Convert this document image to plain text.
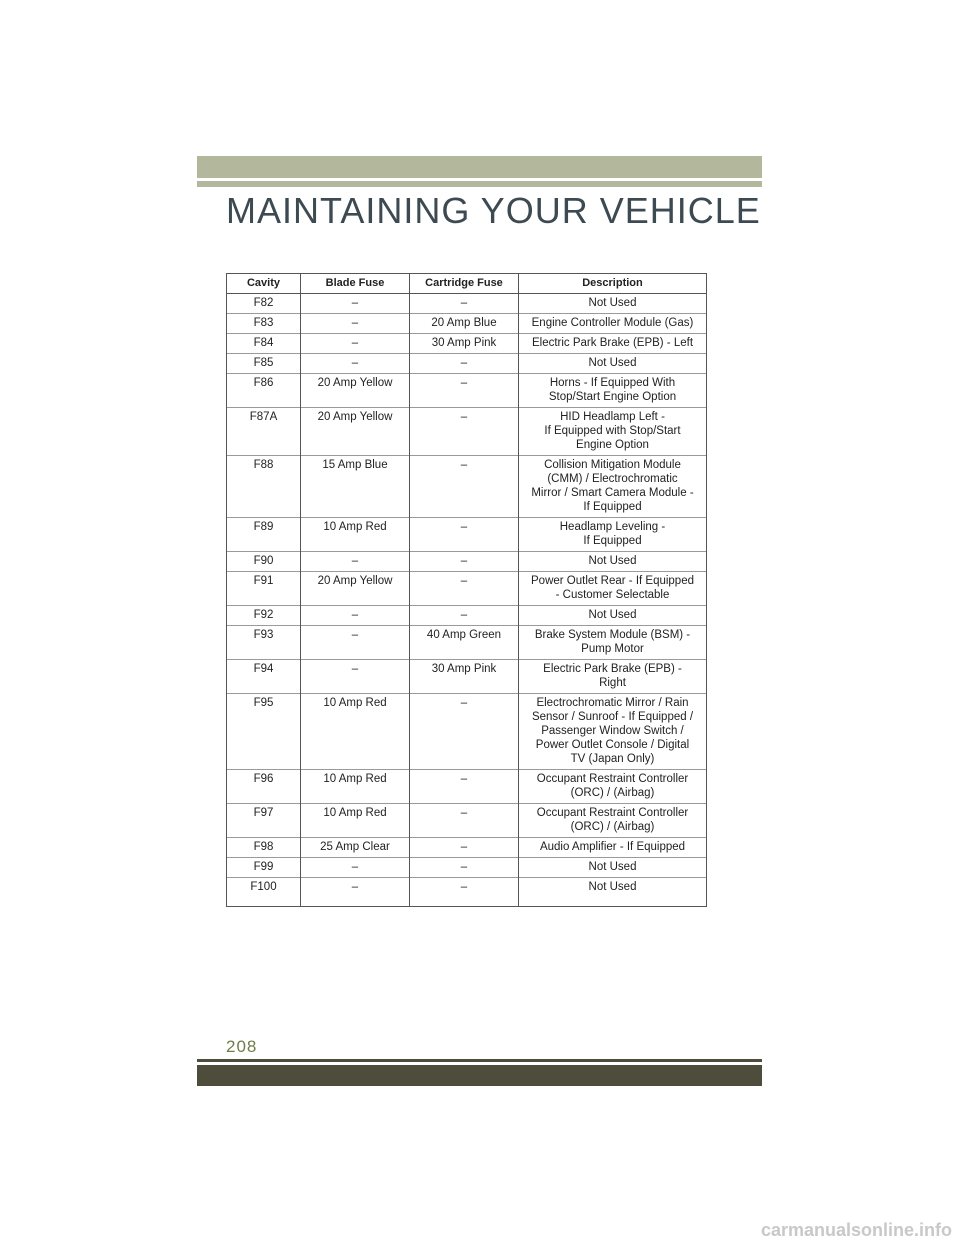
MAINTAINING YOUR VEHICLE
Cavity	Blade Fuse	Cartridge Fuse	Description
F82	–	–	Not Used

F83	–	20 Amp Blue	Engine Controller Module (Gas)

F84	–	30 Amp Pink	Electric Park Brake (EPB) - Left

F85	–	–	Not Used

F86	20 Amp Yellow	–	Horns - If Equipped With
Stop/Start Engine Option

F87A	20 Amp Yellow	–	HID Headlamp Left -
If Equipped with Stop/Start
Engine Option

F88	15 Amp Blue	–	Collision Mitigation Module
(CMM) / Electrochromatic
Mirror / Smart Camera Module -
If Equipped

F89	10 Amp Red	–	Headlamp Leveling -
If Equipped

F90	–	–	Not Used

F91	20 Amp Yellow	–	Power Outlet Rear - If Equipped
- Customer Selectable

F92	–	–	Not Used

F93	–	40 Amp Green	Brake System Module (BSM) -
Pump Motor

F94	–	30 Amp Pink	Electric Park Brake (EPB) -
Right

F95	10 Amp Red	–	Electrochromatic Mirror / Rain
Sensor / Sunroof - If Equipped /
Passenger Window Switch /
Power Outlet Console / Digital
TV (Japan Only)

F96	10 Amp Red	–	Occupant Restraint Controller
(ORC) / (Airbag)

F97	10 Amp Red	–	Occupant Restraint Controller
(ORC) / (Airbag)

F98	25 Amp Clear	–	Audio Amplifier - If Equipped

F99	–	–	Not Used

F100	–	–	Not Used
208
carmanualsonline.info
